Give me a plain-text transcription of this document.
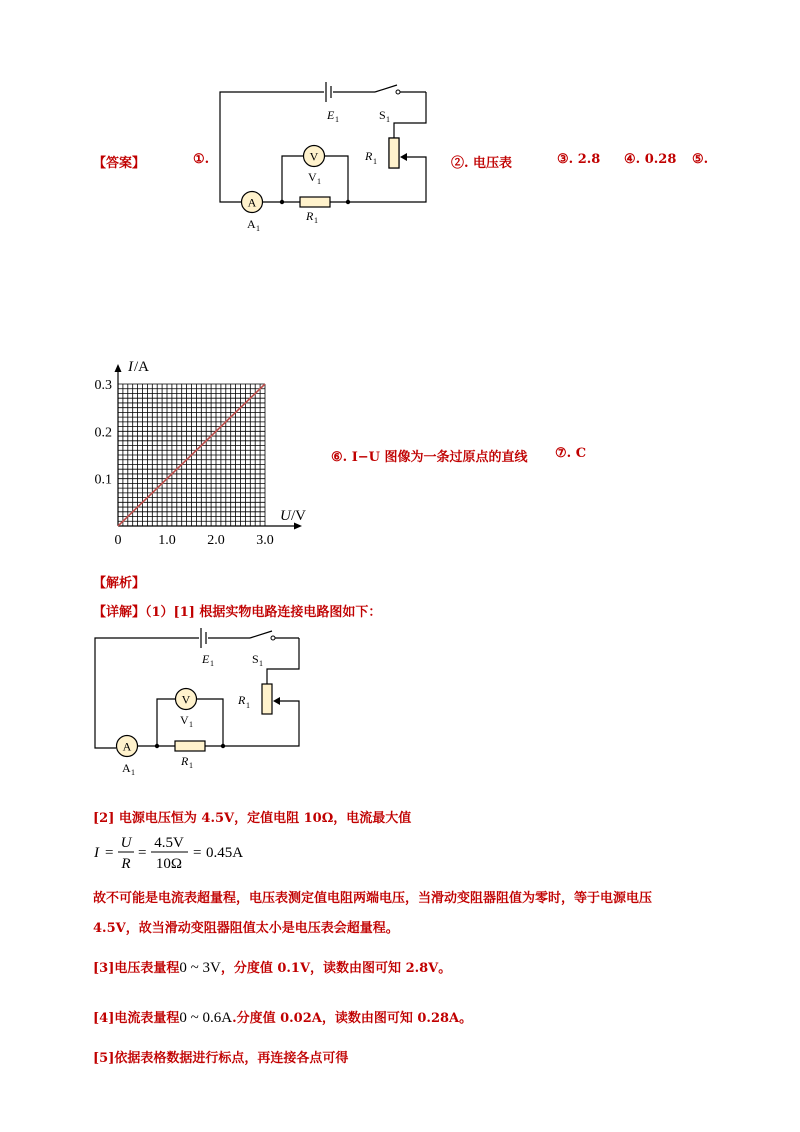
【答案】	①.	②. 电压表	③. 2.8 ④. 0.28 ⑤.
V
A
E 1	S 1
R 1
V 1
A 1
R 1
0	1.0 2.0 3.0
0.1
0.2
0.3
I /A
U /V
⑥. I−U 图像为一条过原点的直线 ⑦. C
【解析】
【详解】（1）[1] 根据实物电路连接电路图如下：
V
A
E 1	S 1
R 1
V 1
A 1
R 1
[2] 电源电压恒为 4.5V，定值电阻 10Ω，电流最大值
I =
U
R
=
4.5V
10Ω
= 0.45A
故不可能是电流表超量程，电压表测定值电阻两端电压，当滑动变阻器阻值为零时，等于电源电压
4.5V，故当滑动变阻器阻值太小是电压表会超量程。
[3]电压表量程0 ~ 3V，分度值 0.1V，读数由图可知 2.8V。
[4]电流表量程0 ~ 0.6A.分度值 0.02A，读数由图可知 0.28A。
[5]依据表格数据进行标点，再连接各点可得
